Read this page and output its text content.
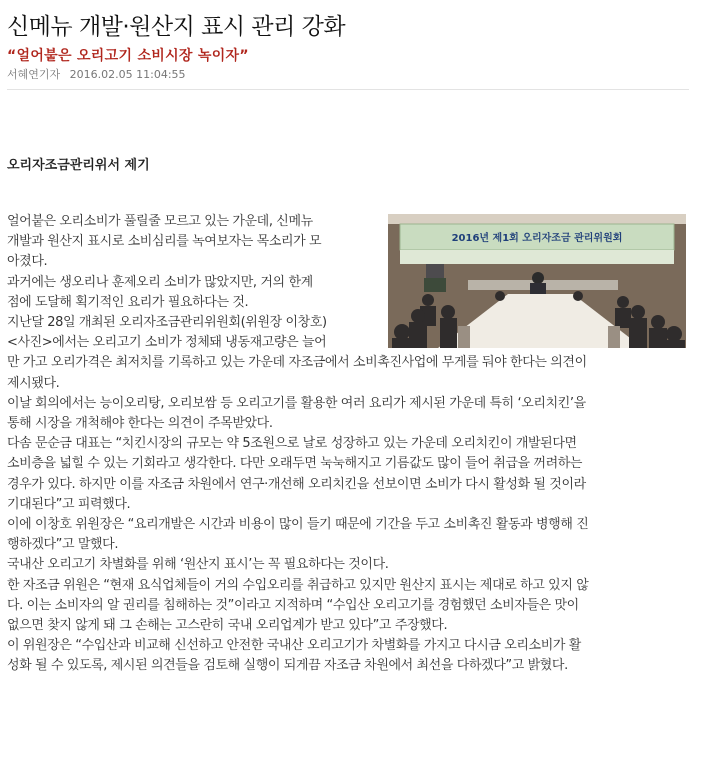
신메뉴 개발·원산지 표시 관리 강화
“얼어붙은 오리고기 소비시장 녹이자”
서혜연기자 2016.02.05 11:04:55
오리자조금관리위서 제기
2016년 제1회 오리자조금 관리위원회

얼어붙은 오리소비가 풀릴줄 모르고 있는 가운데, 신메뉴

개발과 원산지 표시로 소비심리를 녹여보자는 목소리가 모

아졌다.

과거에는 생오리나 훈제오리 소비가 많았지만, 거의 한계

점에 도달해 획기적인 요리가 필요하다는 것.

지난달 28일 개최된 오리자조금관리위원회(위원장 이창호)

<사진>에서는 오리고기 소비가 정체돼 냉동재고량은 늘어

만 가고 오리가격은 최저치를 기록하고 있는 가운데 자조금에서 소비촉진사업에 무게를 둬야 한다는 의견이

제시됐다.

이날 회의에서는 능이오리탕, 오리보쌈 등 오리고기를 활용한 여러 요리가 제시된 가운데 특히 ‘오리치킨’을

통해 시장을 개척해야 한다는 의견이 주목받았다.

다솜 문순금 대표는 “치킨시장의 규모는 약 5조원으로 날로 성장하고 있는 가운데 오리치킨이 개발된다면

소비층을 넓힐 수 있는 기회라고 생각한다. 다만 오래두면 눅눅해지고 기름값도 많이 들어 취급을 꺼려하는

경우가 있다. 하지만 이를 자조금 차원에서 연구·개선해 오리치킨을 선보이면 소비가 다시 활성화 될 것이라

기대된다”고 피력했다.

이에 이창호 위원장은 “요리개발은 시간과 비용이 많이 들기 때문에 기간을 두고 소비촉진 활동과 병행해 진

행하겠다”고 말했다.

국내산 오리고기 차별화를 위해 ‘원산지 표시’는 꼭 필요하다는 것이다.

한 자조금 위원은 “현재 요식업체들이 거의 수입오리를 취급하고 있지만 원산지 표시는 제대로 하고 있지 않

다. 이는 소비자의 알 권리를 침해하는 것”이라고 지적하며 “수입산 오리고기를 경험했던 소비자들은 맛이

없으면 찾지 않게 돼 그 손해는 고스란히 국내 오리업계가 받고 있다”고 주장했다.

이 위원장은 “수입산과 비교해 신선하고 안전한 국내산 오리고기가 차별화를 가지고 다시금 오리소비가 활

성화 될 수 있도록, 제시된 의견들을 검토해 실행이 되게끔 자조금 차원에서 최선을 다하겠다”고 밝혔다.
